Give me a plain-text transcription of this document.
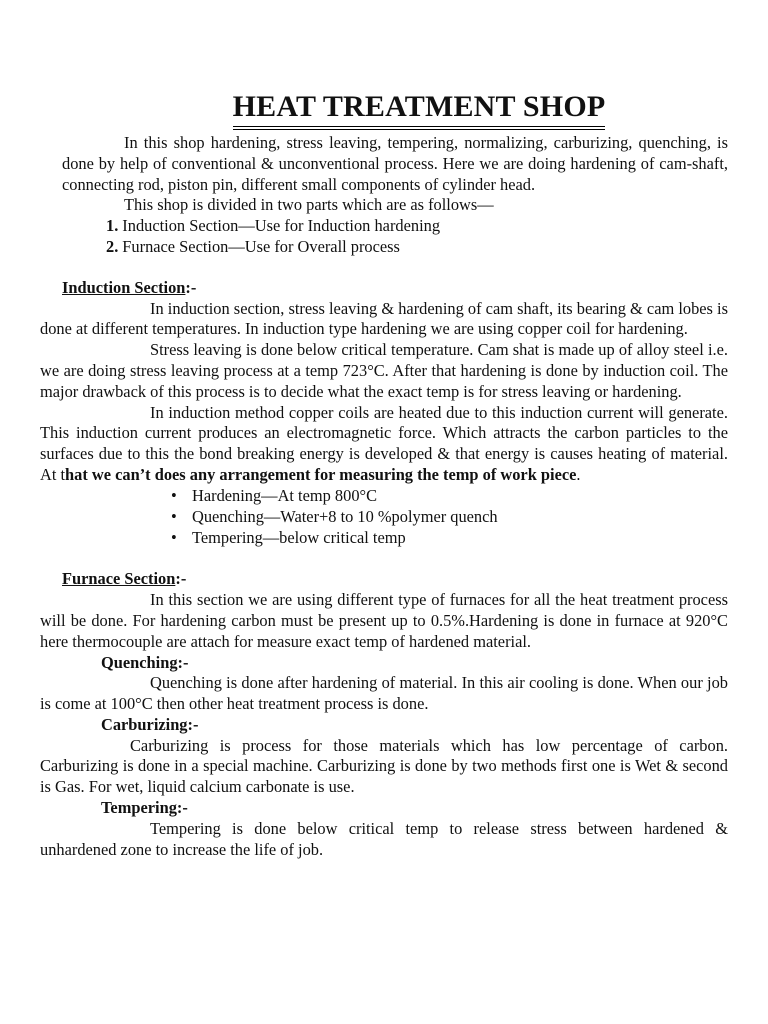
HEAT TREATMENT SHOP

In this shop hardening, stress leaving, tempering, normalizing, carburizing, quenching, is done by help of conventional & unconventional process. Here we are doing hardening of cam-shaft, connecting rod, piston pin, different small components of cylinder head.

This shop is divided in two parts which are as follows—

1. Induction Section—Use for Induction hardening
2. Furnace Section—Use for Overall process
Induction Section:-

In induction section, stress leaving & hardening of cam shaft, its bearing & cam lobes is done at different temperatures. In induction type hardening we are using copper coil for hardening.

Stress leaving is done below critical temperature. Cam shat is made up of alloy steel i.e. we are doing stress leaving process at a temp 723°C. After that hardening is done by induction coil. The major drawback of this process is to decide what the exact temp is for stress leaving or hardening.

In induction method copper coils are heated due to this induction current will generate. This induction current produces an electromagnetic force. Which attracts the carbon particles to the surfaces due to this the bond breaking energy is developed & that energy is causes heating of material. At that we can’t does any arrangement for measuring the temp of work piece.

• Hardening—At temp 800°C
• Quenching—Water+8 to 10 %polymer quench
• Tempering—below critical temp
Furnace Section:-

In this section we are using different type of furnaces for all the heat treatment process will be done. For hardening carbon must be present up to 0.5%.Hardening is done in furnace at 920°C here thermocouple are attach for measure exact temp of hardened material.

Quenching:-

Quenching is done after hardening of material. In this air cooling is done. When our job is come at 100°C then other heat treatment process is done.

Carburizing:-

Carburizing is process for those materials which has low percentage of carbon. Carburizing is done in a special machine. Carburizing is done by two methods first one is Wet & second is Gas. For wet, liquid calcium carbonate is use.

Tempering:-

Tempering is done below critical temp to release stress between hardened & unhardened zone to increase the life of job.
